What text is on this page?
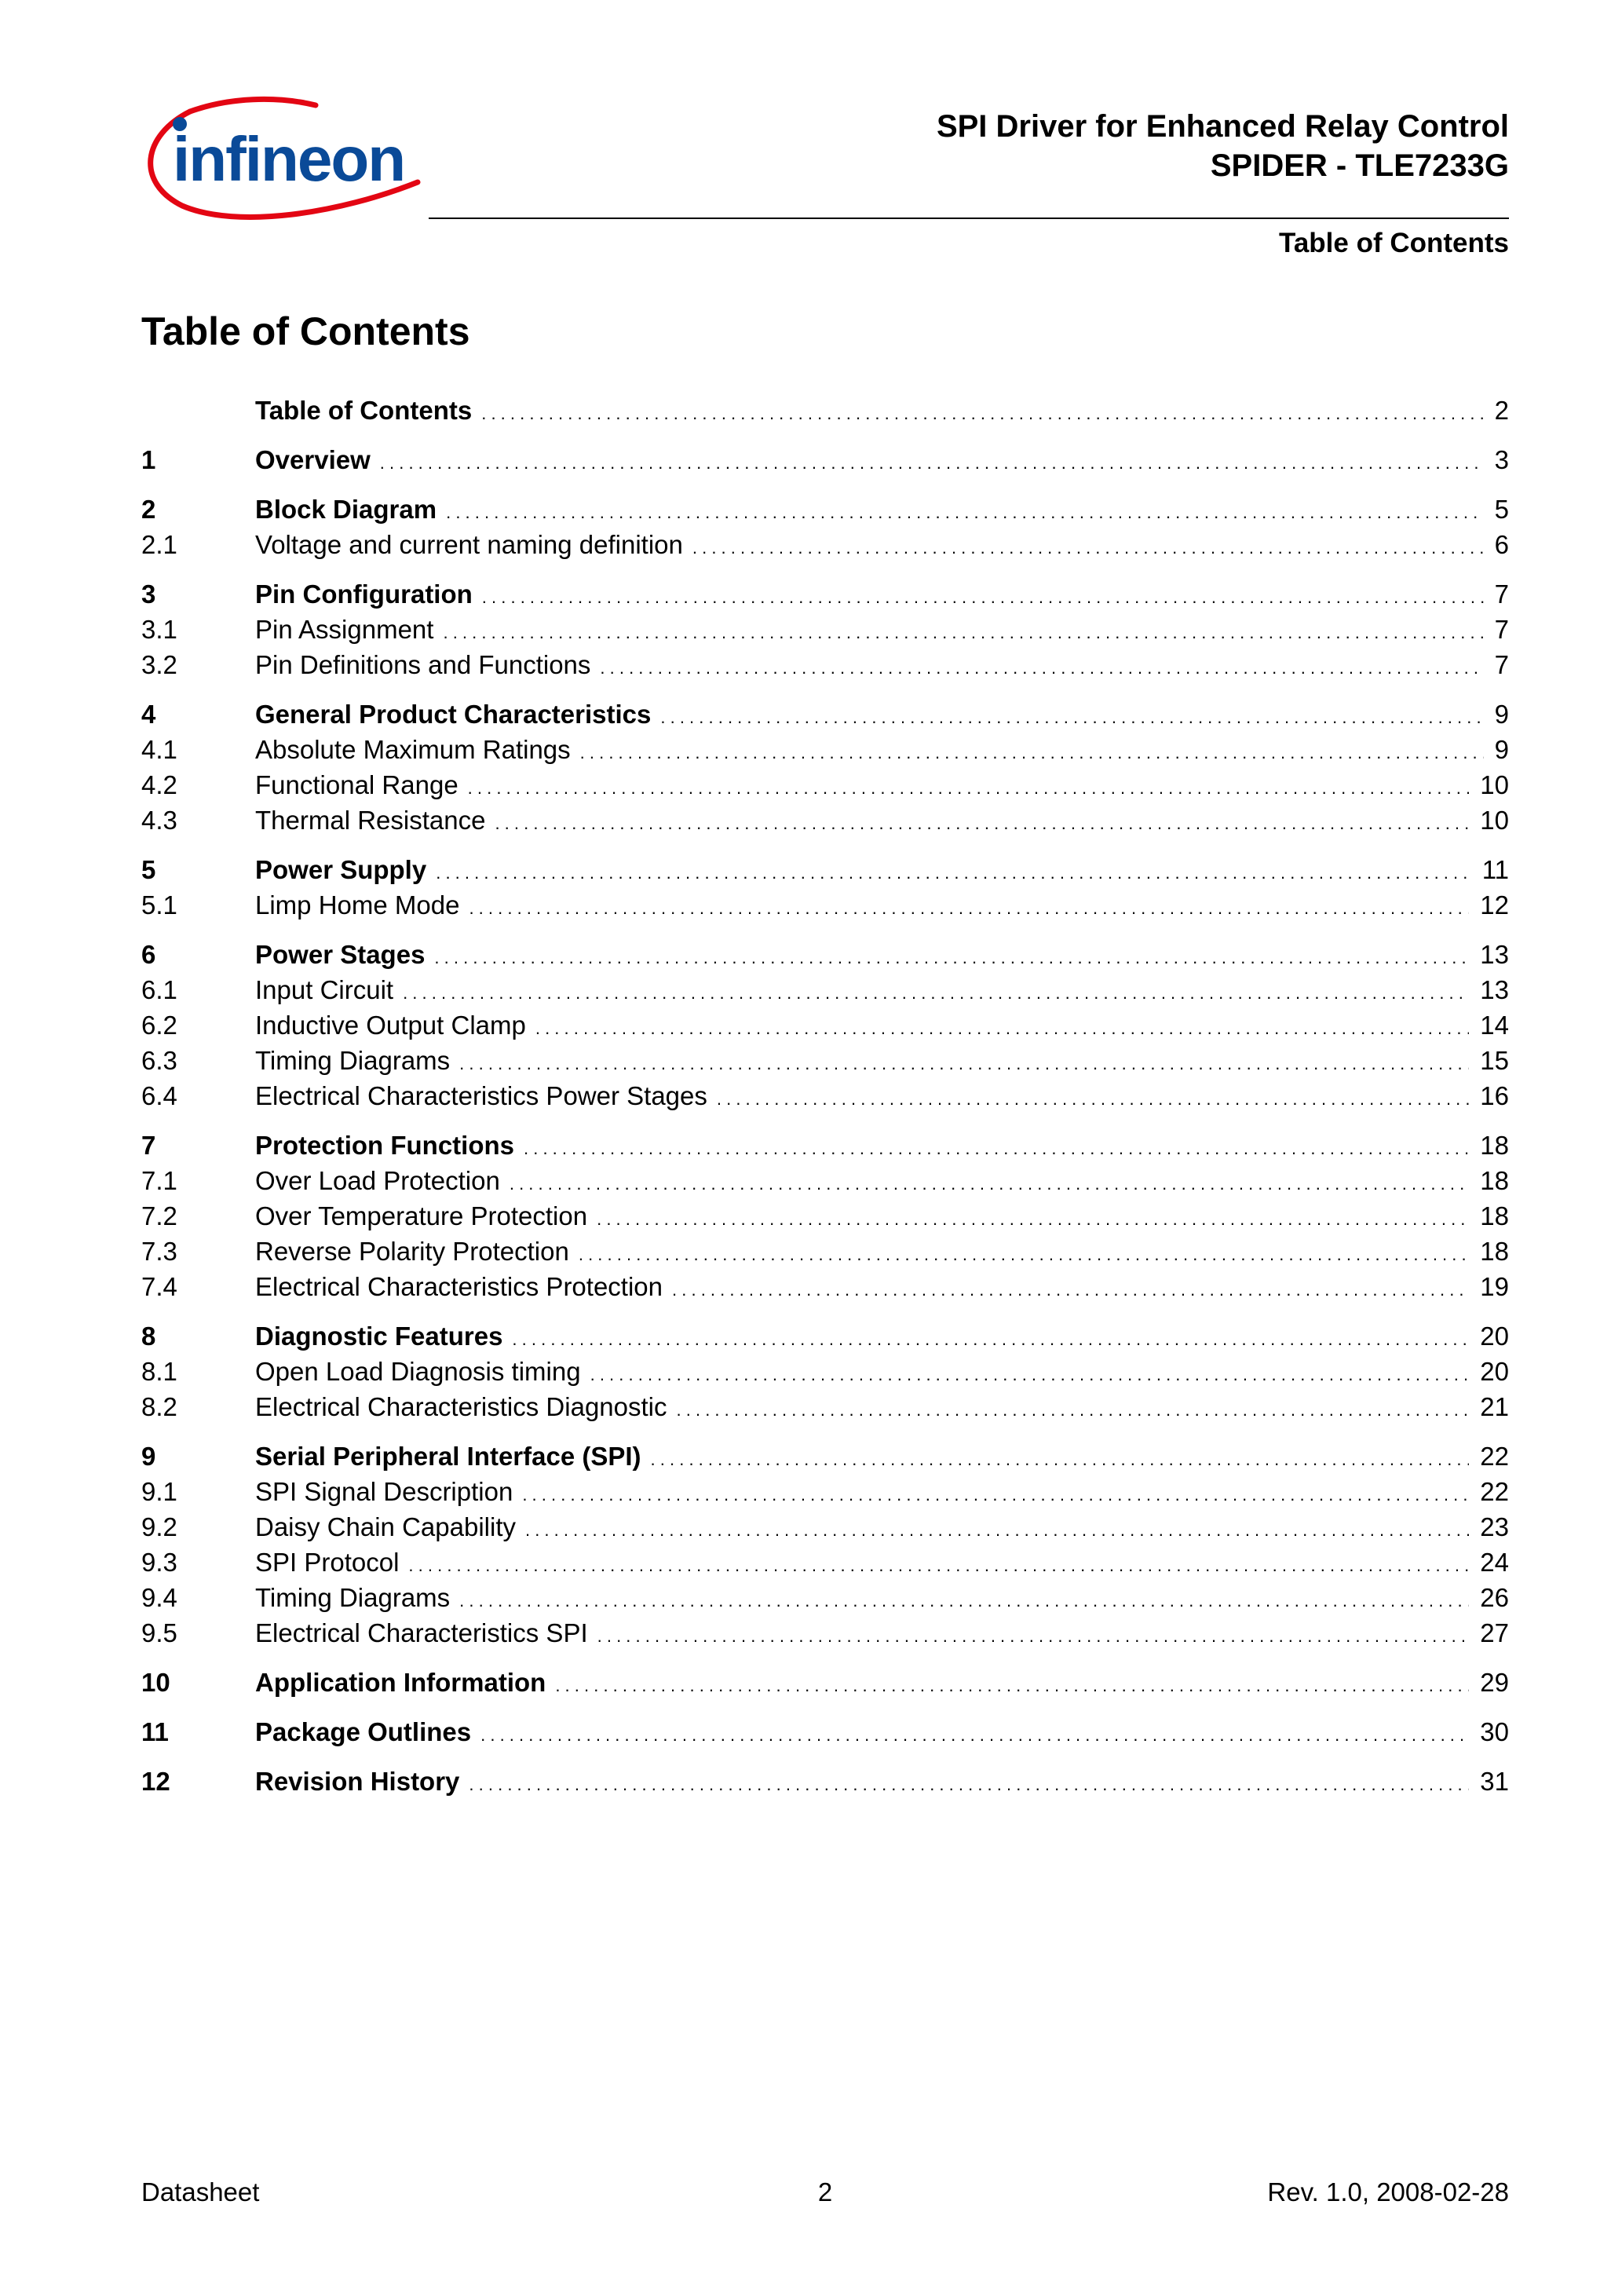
infineon	SPI Driver for Enhanced Relay Control
SPIDER - TLE7233G
Table of Contents
Table of Contents
Table of Contents . . .	2
1	Overview . . .	3
2	Block Diagram . . .	5
2.1	Voltage and current naming definition . . .	6
3	Pin Configuration . . .	7
3.1	Pin Assignment . . .	7
3.2	Pin Definitions and Functions . . .	7
4	General Product Characteristics . . .	9
4.1	Absolute Maximum Ratings . . .	9
4.2	Functional Range . . .	10
4.3	Thermal Resistance . . .	10
5	Power Supply . . .	11
5.1	Limp Home Mode . . .	12
6	Power Stages . . .	13
6.1	Input Circuit . . .	13
6.2	Inductive Output Clamp . . .	14
6.3	Timing Diagrams . . .	15
6.4	Electrical Characteristics Power Stages . . .	16
7	Protection Functions . . .	18
7.1	Over Load Protection . . .	18
7.2	Over Temperature Protection . . .	18
7.3	Reverse Polarity Protection . . .	18
7.4	Electrical Characteristics Protection . . .	19
8	Diagnostic Features . . .	20
8.1	Open Load Diagnosis timing . . .	20
8.2	Electrical Characteristics Diagnostic . . .	21
9	Serial Peripheral Interface (SPI) . . .	22
9.1	SPI Signal Description . . .	22
9.2	Daisy Chain Capability . . .	23
9.3	SPI Protocol . . .	24
9.4	Timing Diagrams . . .	26
9.5	Electrical Characteristics SPI . . .	27
10	Application Information . . .	29
11	Package Outlines . . .	30
12	Revision History . . .	31
Datasheet	2	Rev. 1.0, 2008-02-28
